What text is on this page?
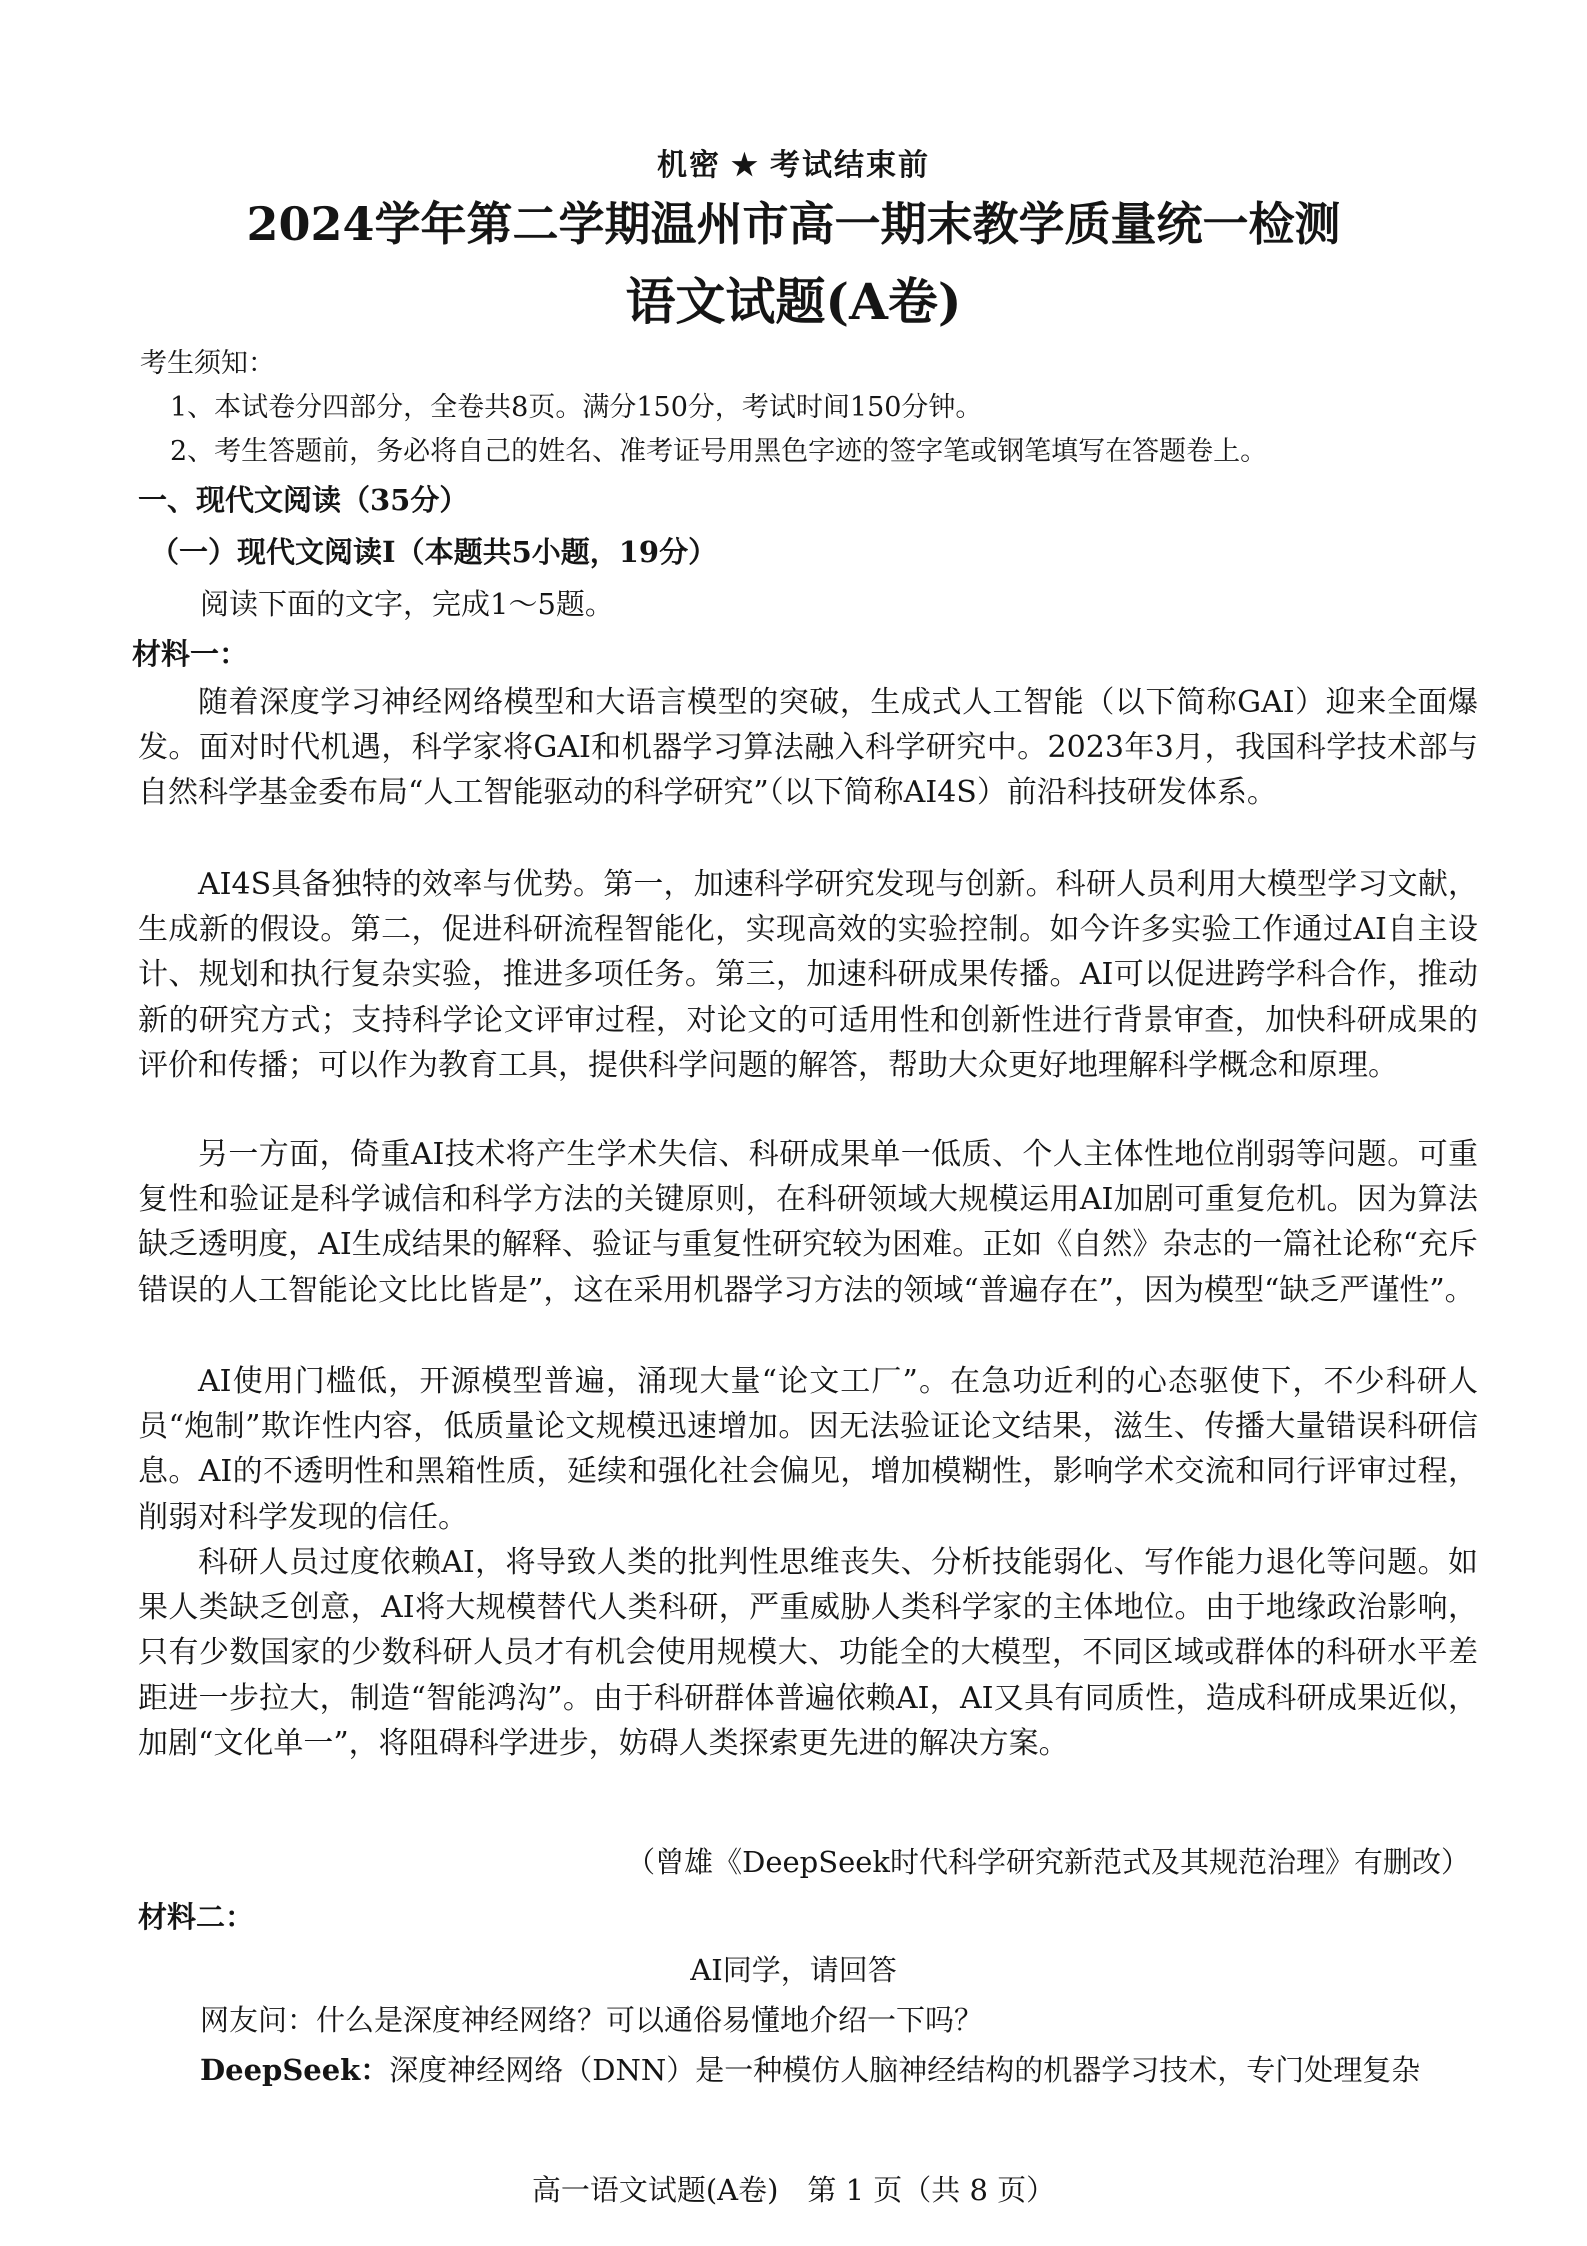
机密 ★ 考试结束前
2024学年第二学期温州市高一期末教学质量统一检测
语文试题(A卷)
考生须知：
1、本试卷分四部分，全卷共8页。满分150分，考试时间150分钟。
2、考生答题前，务必将自己的姓名、准考证号用黑色字迹的签字笔或钢笔填写在答题卷上。
一、现代文阅读（35分）
（一）现代文阅读Ⅰ（本题共5小题，19分）
阅读下面的文字，完成1～5题。
材料一：

随着深度学习神经网络模型和大语言模型的突破，生成式人工智能（以下简称GAI）迎来全面爆发。面对时代机遇，科学家将GAI和机器学习算法融入科学研究中。2023年3月，我国科学技术部与自然科学基金委布局“人工智能驱动的科学研究”（以下简称AI4S）前沿科技研发体系。

AI4S具备独特的效率与优势。第一，加速科学研究发现与创新。科研人员利用大模型学习文献，生成新的假设。第二，促进科研流程智能化，实现高效的实验控制。如今许多实验工作通过AI自主设计、规划和执行复杂实验，推进多项任务。第三，加速科研成果传播。AI可以促进跨学科合作，推动新的研究方式；支持科学论文评审过程，对论文的可适用性和创新性进行背景审查，加快科研成果的评价和传播；可以作为教育工具，提供科学问题的解答，帮助大众更好地理解科学概念和原理。

另一方面，倚重AI技术将产生学术失信、科研成果单一低质、个人主体性地位削弱等问题。可重复性和验证是科学诚信和科学方法的关键原则，在科研领域大规模运用AI加剧可重复危机。因为算法缺乏透明度，AI生成结果的解释、验证与重复性研究较为困难。正如《自然》杂志的一篇社论称“充斥错误的人工智能论文比比皆是”，这在采用机器学习方法的领域“普遍存在”，因为模型“缺乏严谨性”。

AI使用门槛低，开源模型普遍，涌现大量“论文工厂”。在急功近利的心态驱使下，不少科研人员“炮制”欺诈性内容，低质量论文规模迅速增加。因无法验证论文结果，滋生、传播大量错误科研信息。AI的不透明性和黑箱性质，延续和强化社会偏见，增加模糊性，影响学术交流和同行评审过程，削弱对科学发现的信任。

科研人员过度依赖AI，将导致人类的批判性思维丧失、分析技能弱化、写作能力退化等问题。如果人类缺乏创意，AI将大规模替代人类科研，严重威胁人类科学家的主体地位。由于地缘政治影响，只有少数国家的少数科研人员才有机会使用规模大、功能全的大模型，不同区域或群体的科研水平差距进一步拉大，制造“智能鸿沟”。由于科研群体普遍依赖AI，AI又具有同质性，造成科研成果近似，加剧“文化单一”，将阻碍科学进步，妨碍人类探索更先进的解决方案。

（曾雄《DeepSeek时代科学研究新范式及其规范治理》有删改）
材料二：
AI同学，请回答
网友问：什么是深度神经网络？可以通俗易懂地介绍一下吗？
DeepSeek：深度神经网络（DNN）是一种模仿人脑神经结构的机器学习技术，专门处理复杂
高一语文试题(A卷)　第 1 页（共 8 页）
